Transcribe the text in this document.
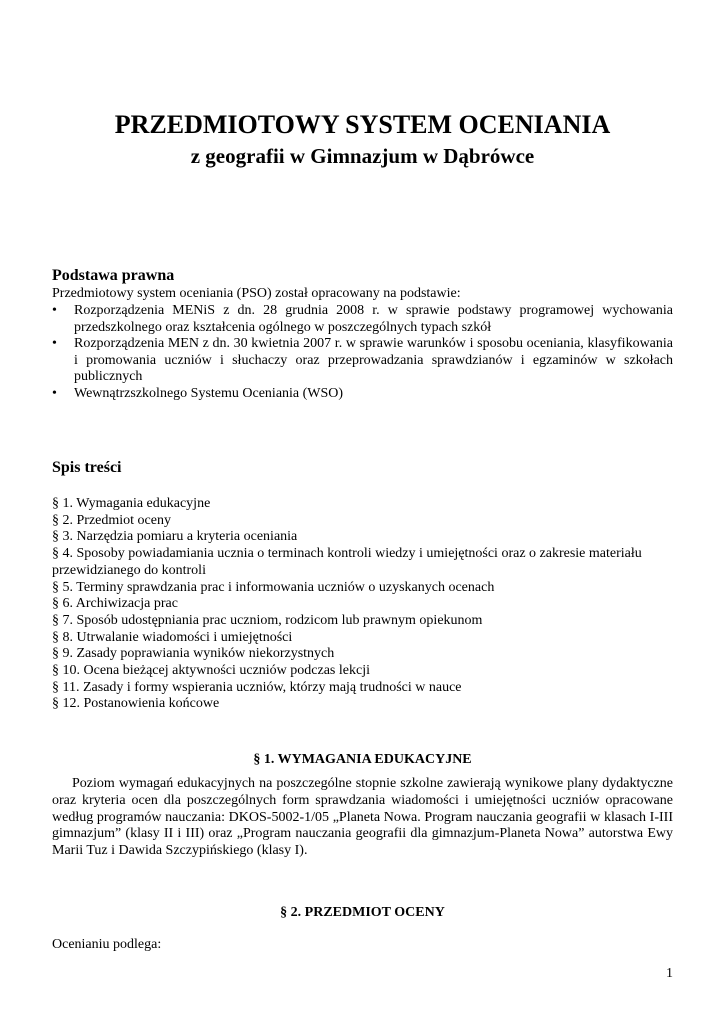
PRZEDMIOTOWY SYSTEM OCENIANIA
z geografii w Gimnazjum w Dąbrówce
Podstawa prawna
Przedmiotowy system oceniania (PSO) został opracowany na podstawie:
•	Rozporządzenia MENiS z dn. 28 grudnia 2008 r. w sprawie podstawy programowej wychowania przedszkolnego oraz kształcenia ogólnego w poszczególnych typach szkół
•	Rozporządzenia MEN z dn. 30 kwietnia 2007 r. w sprawie warunków i sposobu oceniania, klasyfikowania i promowania uczniów i słuchaczy oraz przeprowadzania sprawdzianów i egzaminów w szkołach publicznych
•	Wewnątrzszkolnego Systemu Oceniania (WSO)
Spis treści
§ 1. Wymagania edukacyjne
§ 2. Przedmiot oceny
§ 3. Narzędzia pomiaru a kryteria oceniania
§ 4. Sposoby powiadamiania ucznia o terminach kontroli wiedzy i umiejętności oraz o zakresie materiału przewidzianego do kontroli
§ 5. Terminy sprawdzania prac i informowania uczniów o uzyskanych ocenach
§ 6. Archiwizacja prac
§ 7. Sposób udostępniania prac uczniom, rodzicom lub prawnym opiekunom
§ 8. Utrwalanie wiadomości i umiejętności
§ 9. Zasady poprawiania wyników niekorzystnych
§ 10. Ocena bieżącej aktywności uczniów podczas lekcji
§ 11. Zasady i formy wspierania uczniów, którzy mają trudności w nauce
§ 12. Postanowienia końcowe
§ 1. WYMAGANIA EDUKACYJNE
Poziom wymagań edukacyjnych na poszczególne stopnie szkolne zawierają wynikowe plany dydaktyczne oraz kryteria ocen dla poszczególnych form sprawdzania wiadomości i umiejętności uczniów opracowane według programów nauczania: DKOS-5002-1/05 „Planeta Nowa. Program nauczania geografii w klasach I-III gimnazjum” (klasy II i III) oraz „Program nauczania geografii dla gimnazjum-Planeta Nowa” autorstwa Ewy Marii Tuz i Dawida Szczypińskiego (klasy I).
§ 2. PRZEDMIOT OCENY
Ocenianiu podlega:
1
